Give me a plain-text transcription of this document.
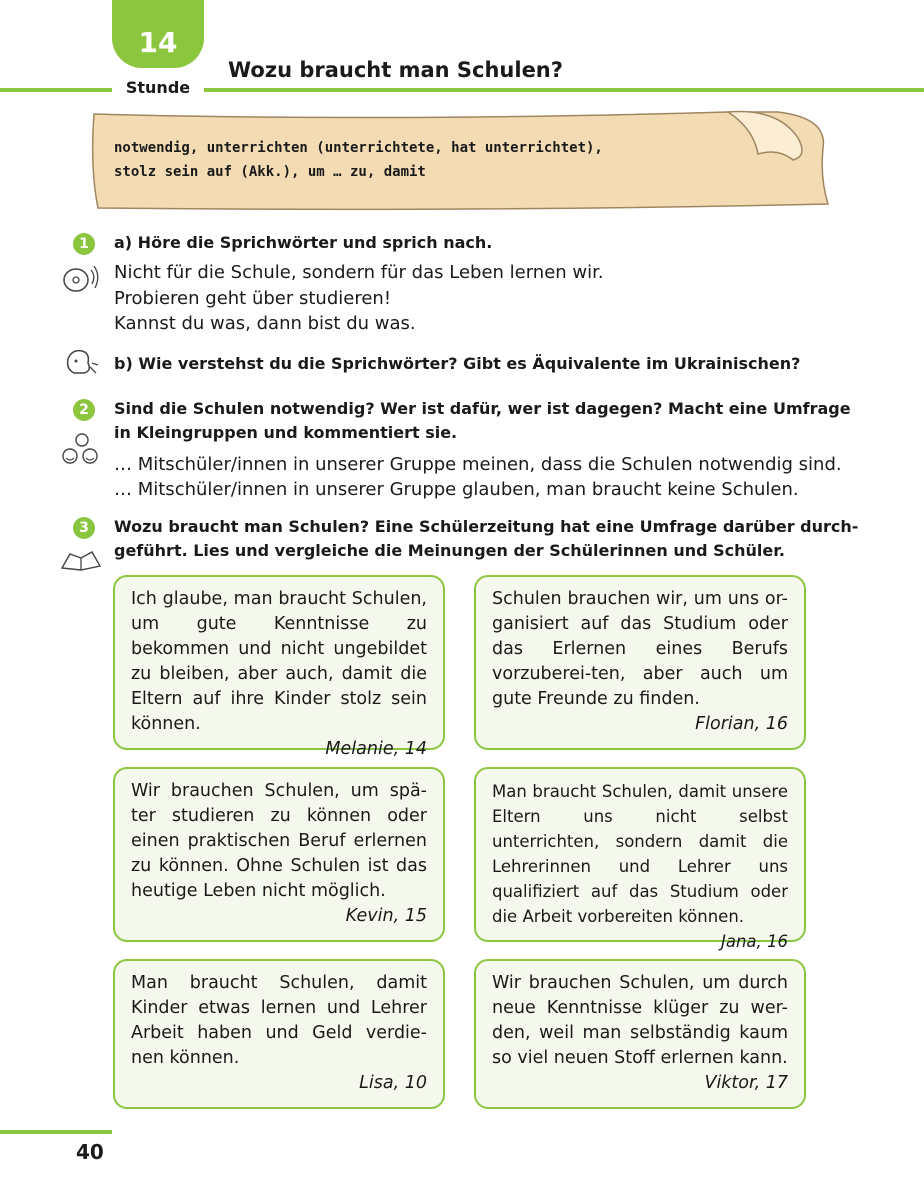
14
Stunde
Wozu braucht man Schulen?
notwendig, unterrichten (unterrichtete, hat unterrichtet),
stolz sein auf (Akk.), um … zu, damit
1	a) Höre die Sprichwörter und sprich nach.
Nicht für die Schule, sondern für das Leben lernen wir.
Probieren geht über studieren!
Kannst du was, dann bist du was.
b) Wie verstehst du die Sprichwörter? Gibt es Äquivalente im Ukrainischen?
2	Sind die Schulen notwendig? Wer ist dafür, wer ist dagegen? Macht eine Umfrage
in Kleingruppen und kommentiert sie.
… Mitschüler/innen in unserer Gruppe meinen, dass die Schulen notwendig sind.
… Mitschüler/innen in unserer Gruppe glauben, man braucht keine Schulen.
3	Wozu braucht man Schulen? Eine Schülerzeitung hat eine Umfrage darüber durch-
geführt. Lies und vergleiche die Meinungen der Schülerinnen und Schüler.
Ich glaube, man braucht Schulen, um gute Kenntnisse zu bekommen und nicht ungebildet zu bleiben, aber auch, damit die Eltern auf ihre Kinder stolz sein können.
Melanie, 14
Schulen brauchen wir, um uns or-ganisiert auf das Studium oder das Erlernen eines Berufs vorzuberei-ten, aber auch um gute Freunde zu finden.
Florian, 16
Wir brauchen Schulen, um spä-ter studieren zu können oder einen praktischen Beruf erlernen zu können. Ohne Schulen ist das heutige Leben nicht möglich.
Kevin, 15
Man braucht Schulen, damit unsere Eltern uns nicht selbst unterrichten, sondern damit die Lehrerinnen und Lehrer uns qualifiziert auf das Studium oder die Arbeit vorbereiten können.
Jana, 16
Man braucht Schulen, damit Kinder etwas lernen und Lehrer Arbeit haben und Geld verdie-nen können.
Lisa, 10
Wir brauchen Schulen, um durch neue Kenntnisse klüger zu wer-den, weil man selbständig kaum so viel neuen Stoff erlernen kann.
Viktor, 17
40
